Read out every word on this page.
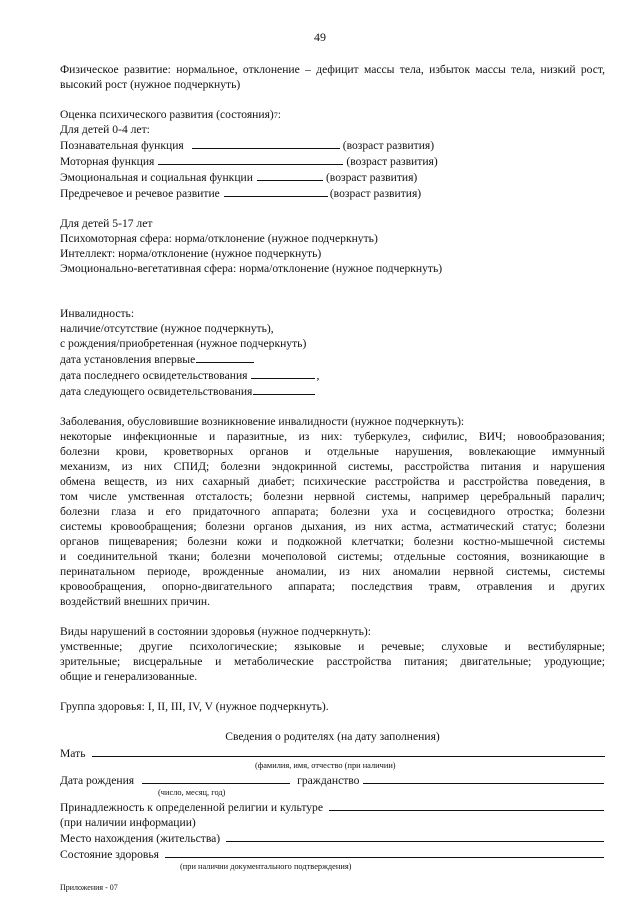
49
Физическое развитие: нормальное, отклонение – дефицит массы тела, избыток массы тела, низкий рост, высокий рост (нужное подчеркнуть)
Оценка психического развития (состояния) 7 :
Для детей 0-4 лет:
Познавательная функция	(возраст развития)
Моторная функция	(возраст развития)
Эмоциональная и социальная функции	(возраст развития)
Предречевое и речевое развитие	(возраст развития)
Для детей 5-17 лет
Психомоторная сфера: норма/отклонение (нужное подчеркнуть)
Интеллект: норма/отклонение (нужное подчеркнуть)
Эмоционально-вегетативная сфера: норма/отклонение (нужное подчеркнуть)
Инвалидность:
наличие/отсутствие (нужное подчеркнуть),
с рождения/приобретенная (нужное подчеркнуть)
дата установления впервые
дата последнего освидетельствования	,
дата следующего освидетельствования
Заболевания, обусловившие возникновение инвалидности (нужное подчеркнуть):
некоторые инфекционные и паразитные, из них: туберкулез, сифилис, ВИЧ; новообразования;
болезни крови, кроветворных органов и отдельные нарушения, вовлекающие иммунный
механизм, из них СПИД; болезни эндокринной системы, расстройства питания и нарушения
обмена веществ, из них сахарный диабет; психические расстройства и расстройства поведения, в
том числе умственная отсталость; болезни нервной системы, например церебральный паралич;
болезни глаза и его придаточного аппарата; болезни уха и сосцевидного отростка; болезни
системы кровообращения; болезни органов дыхания, из них астма, астматический статус; болезни
органов пищеварения; болезни кожи и подкожной клетчатки; болезни костно-мышечной системы
и соединительной ткани; болезни мочеполовой системы; отдельные состояния, возникающие в
перинатальном периоде, врожденные аномалии, из них аномалии нервной системы, системы
кровообращения, опорно-двигательного аппарата; последствия травм, отравления и других
воздействий внешних причин.
Виды нарушений в состоянии здоровья (нужное подчеркнуть):
умственные; другие психологические; языковые и речевые; слуховые и вестибулярные;
зрительные; висцеральные и метаболические расстройства питания; двигательные; уродующие;
общие и генерализованные.
Группа здоровья: I, II, III, IV, V (нужное подчеркнуть).
Сведения о родителях (на дату заполнения)
Мать
(фамилия, имя, отчество (при наличии)
Дата рождения	гражданство
(число, месяц, год)
Принадлежность к определенной религии и культуре
(при наличии информации)
Место нахождения (жительства)
Состояние здоровья
(при наличии документального подтверждения)
Приложения - 07
